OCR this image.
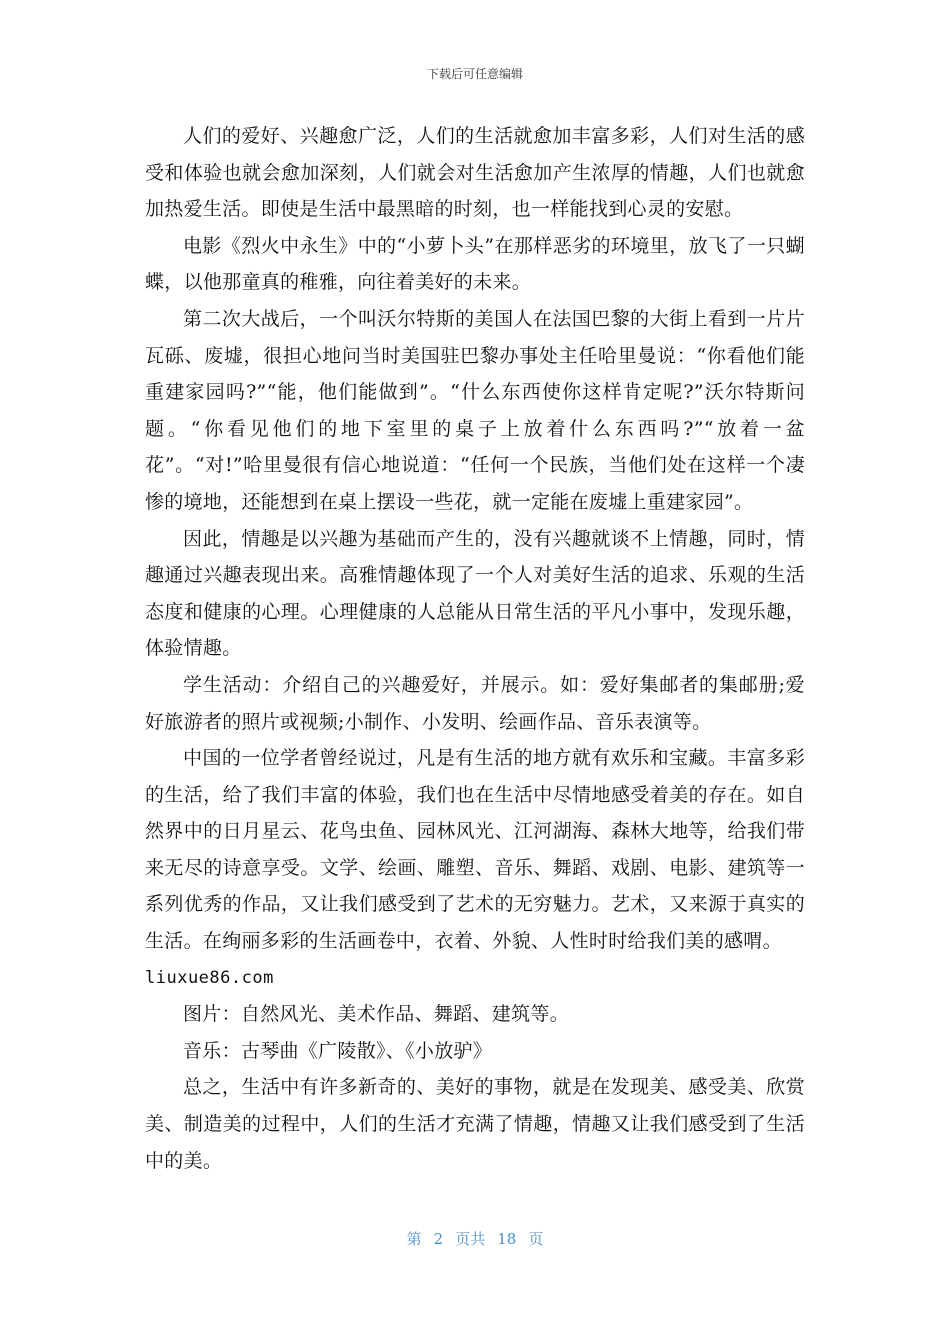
下载后可任意编辑

人们的爱好、兴趣愈广泛，人们的生活就愈加丰富多彩，人们对生活的感受和体验也就会愈加深刻，人们就会对生活愈加产生浓厚的情趣，人们也就愈加热爱生活。即使是生活中最黑暗的时刻，也一样能找到心灵的安慰。

电影《烈火中永生》中的“小萝卜头”在那样恶劣的环境里，放飞了一只蝴蝶，以他那童真的稚雅，向往着美好的未来。

第二次大战后，一个叫沃尔特斯的美国人在法国巴黎的大街上看到一片片瓦砾、废墟，很担心地问当时美国驻巴黎办事处主任哈里曼说：“你看他们能重建家园吗?”“能，他们能做到”。“什么东西使你这样肯定呢?”沃尔特斯问题。“你看见他们的地下室里的桌子上放着什么东西吗?”“放着一盆花”。“对!”哈里曼很有信心地说道：“任何一个民族，当他们处在这样一个凄惨的境地，还能想到在桌上摆设一些花，就一定能在废墟上重建家园”。

因此，情趣是以兴趣为基础而产生的，没有兴趣就谈不上情趣，同时，情趣通过兴趣表现出来。高雅情趣体现了一个人对美好生活的追求、乐观的生活态度和健康的心理。心理健康的人总能从日常生活的平凡小事中，发现乐趣，体验情趣。

学生活动：介绍自己的兴趣爱好，并展示。如：爱好集邮者的集邮册;爱好旅游者的照片或视频;小制作、小发明、绘画作品、音乐表演等。

中国的一位学者曾经说过，凡是有生活的地方就有欢乐和宝藏。丰富多彩的生活，给了我们丰富的体验，我们也在生活中尽情地感受着美的存在。如自然界中的日月星云、花鸟虫鱼、园林风光、江河湖海、森林大地等，给我们带来无尽的诗意享受。文学、绘画、雕塑、音乐、舞蹈、戏剧、电影、建筑等一系列优秀的作品，又让我们感受到了艺术的无穷魅力。艺术，又来源于真实的生活。在绚丽多彩的生活画卷中，衣着、外貌、人性时时给我们美的感喟。

liuxue86.com

图片：自然风光、美术作品、舞蹈、建筑等。

音乐：古琴曲《广陵散》、《小放驴》

总之，生活中有许多新奇的、美好的事物，就是在发现美、感受美、欣赏美、制造美的过程中，人们的生活才充满了情趣，情趣又让我们感受到了生活中的美。

第 2 页共 18 页
